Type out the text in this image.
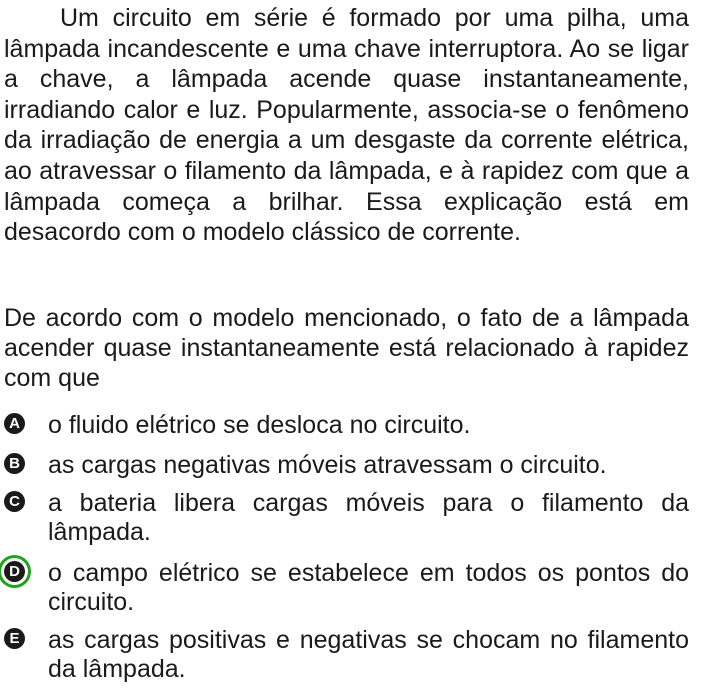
Um circuito em série é formado por uma pilha, uma lâmpada incandescente e uma chave interruptora. Ao se ligar a chave, a lâmpada acende quase instantaneamente, irradiando calor e luz. Popularmente, associa-se o fenômeno da irradiação de energia a um desgaste da corrente elétrica, ao atravessar o filamento da lâmpada, e à rapidez com que a lâmpada começa a brilhar. Essa explicação está em desacordo com o modelo clássico de corrente.

De acordo com o modelo mencionado, o fato de a lâmpada acender quase instantaneamente está relacionado à rapidez com que

A o fluido elétrico se desloca no circuito.

B as cargas negativas móveis atravessam o circuito.

C a bateria libera cargas móveis para o filamento da lâmpada.

D o campo elétrico se estabelece em todos os pontos do circuito.

E as cargas positivas e negativas se chocam no filamento da lâmpada.
